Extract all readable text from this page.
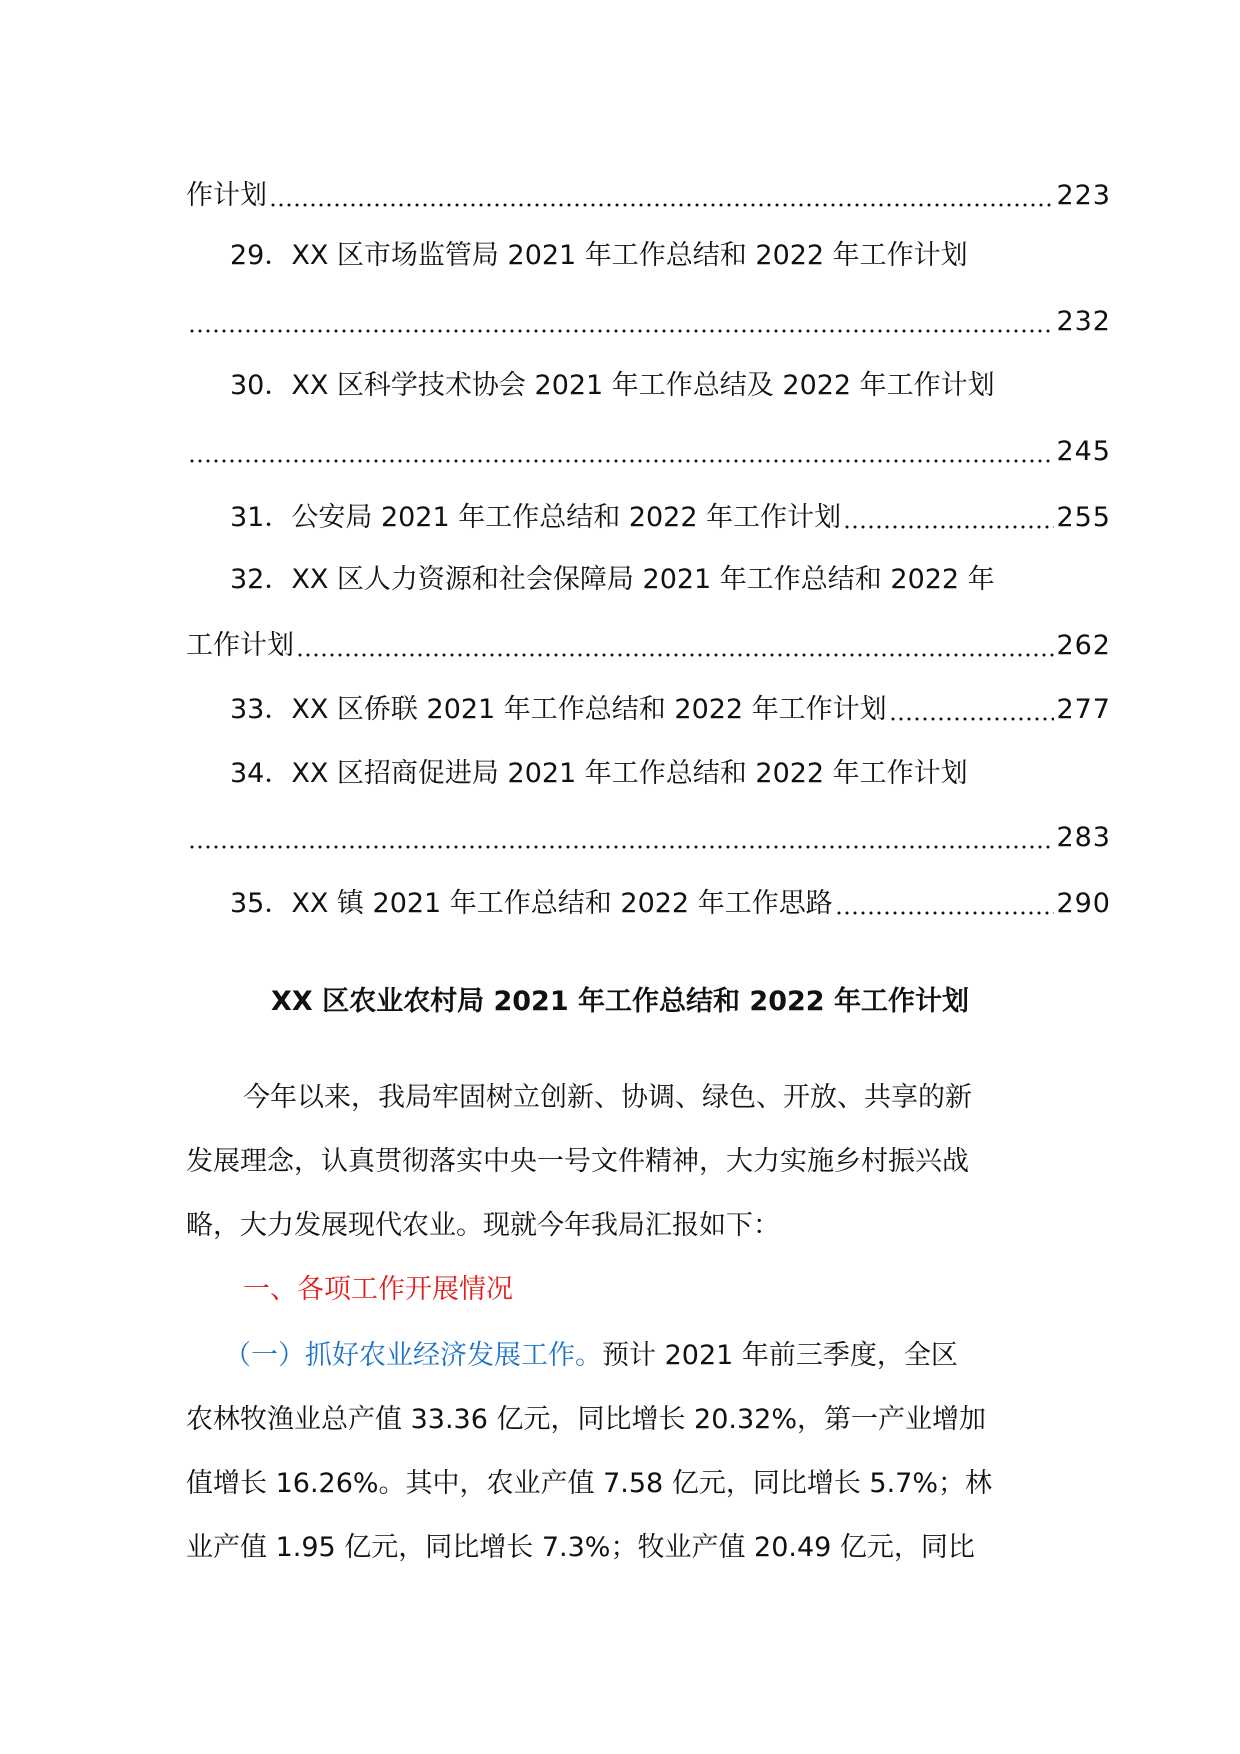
作计划	223
29．XX 区市场监管局 2021 年工作总结和 2022 年工作计划
232
30．XX 区科学技术协会 2021 年工作总结及 2022 年工作计划
245
31．公安局 2021 年工作总结和 2022 年工作计划	255
32．XX 区人力资源和社会保障局 2021 年工作总结和 2022 年
工作计划	262
33．XX 区侨联 2021 年工作总结和 2022 年工作计划	277
34．XX 区招商促进局 2021 年工作总结和 2022 年工作计划
283
35．XX 镇 2021 年工作总结和 2022 年工作思路	290
XX 区农业农村局 2021 年工作总结和 2022 年工作计划
今年以来，我局牢固树立创新、协调、绿色、开放、共享的新
发展理念，认真贯彻落实中央一号文件精神，大力实施乡村振兴战
略，大力发展现代农业。现就今年我局汇报如下：
一、各项工作开展情况
（一）抓好农业经济发展工作。预计 2021 年前三季度，全区
农林牧渔业总产值 33.36 亿元，同比增长 20.32%，第一产业增加
值增长 16.26%。其中，农业产值 7.58 亿元，同比增长 5.7%；林
业产值 1.95 亿元，同比增长 7.3%；牧业产值 20.49 亿元，同比
